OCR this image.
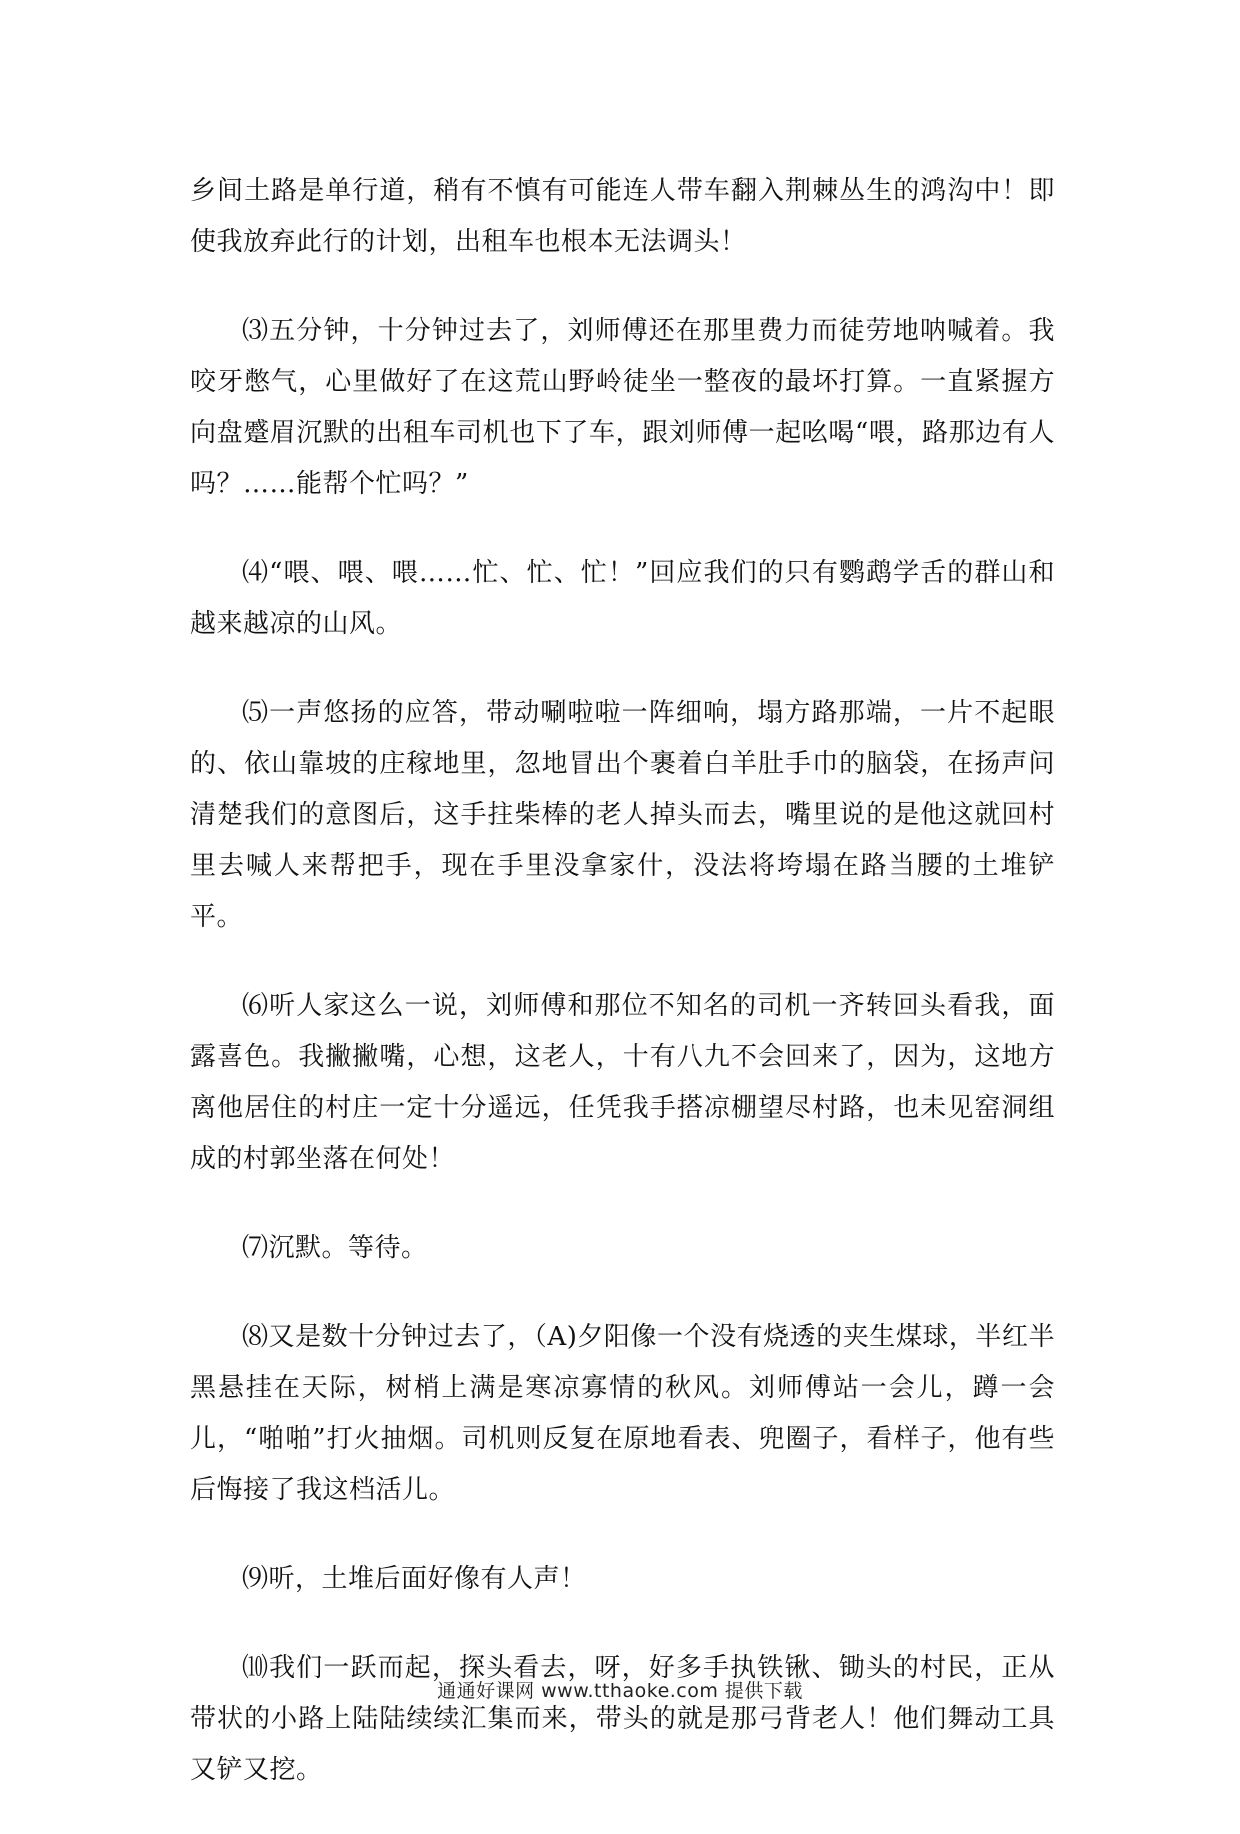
乡间土路是单行道，稍有不慎有可能连人带车翻入荆棘丛生的鸿沟中！即使我放弃此行的计划，出租车也根本无法调头！

⑶五分钟，十分钟过去了，刘师傅还在那里费力而徒劳地呐喊着。我咬牙憋气，心里做好了在这荒山野岭徒坐一整夜的最坏打算。一直紧握方向盘蹙眉沉默的出租车司机也下了车，跟刘师傅一起吆喝“喂，路那边有人吗？……能帮个忙吗？”

⑷“喂、喂、喂……忙、忙、忙！”回应我们的只有鹦鹉学舌的群山和越来越凉的山风。

⑸一声悠扬的应答，带动唰啦啦一阵细响，塌方路那端，一片不起眼的、依山靠坡的庄稼地里，忽地冒出个裹着白羊肚手巾的脑袋，在扬声问清楚我们的意图后，这手拄柴棒的老人掉头而去，嘴里说的是他这就回村里去喊人来帮把手，现在手里没拿家什，没法将垮塌在路当腰的土堆铲平。

⑹听人家这么一说，刘师傅和那位不知名的司机一齐转回头看我，面露喜色。我撇撇嘴，心想，这老人，十有八九不会回来了，因为，这地方离他居住的村庄一定十分遥远，任凭我手搭凉棚望尽村路，也未见窑洞组成的村郭坐落在何处！

⑺沉默。等待。

⑻又是数十分钟过去了，（A)夕阳像一个没有烧透的夹生煤球，半红半黑悬挂在天际，树梢上满是寒凉寡情的秋风。刘师傅站一会儿，蹲一会儿，“啪啪”打火抽烟。司机则反复在原地看表、兜圈子，看样子，他有些后悔接了我这档活儿。

⑼听，土堆后面好像有人声！

⑽我们一跃而起，探头看去，呀，好多手执铁锹、锄头的村民，正从带状的小路上陆陆续续汇集而来，带头的就是那弓背老人！他们舞动工具又铲又挖。

通通好课网 www.tthaoke.com 提供下载
